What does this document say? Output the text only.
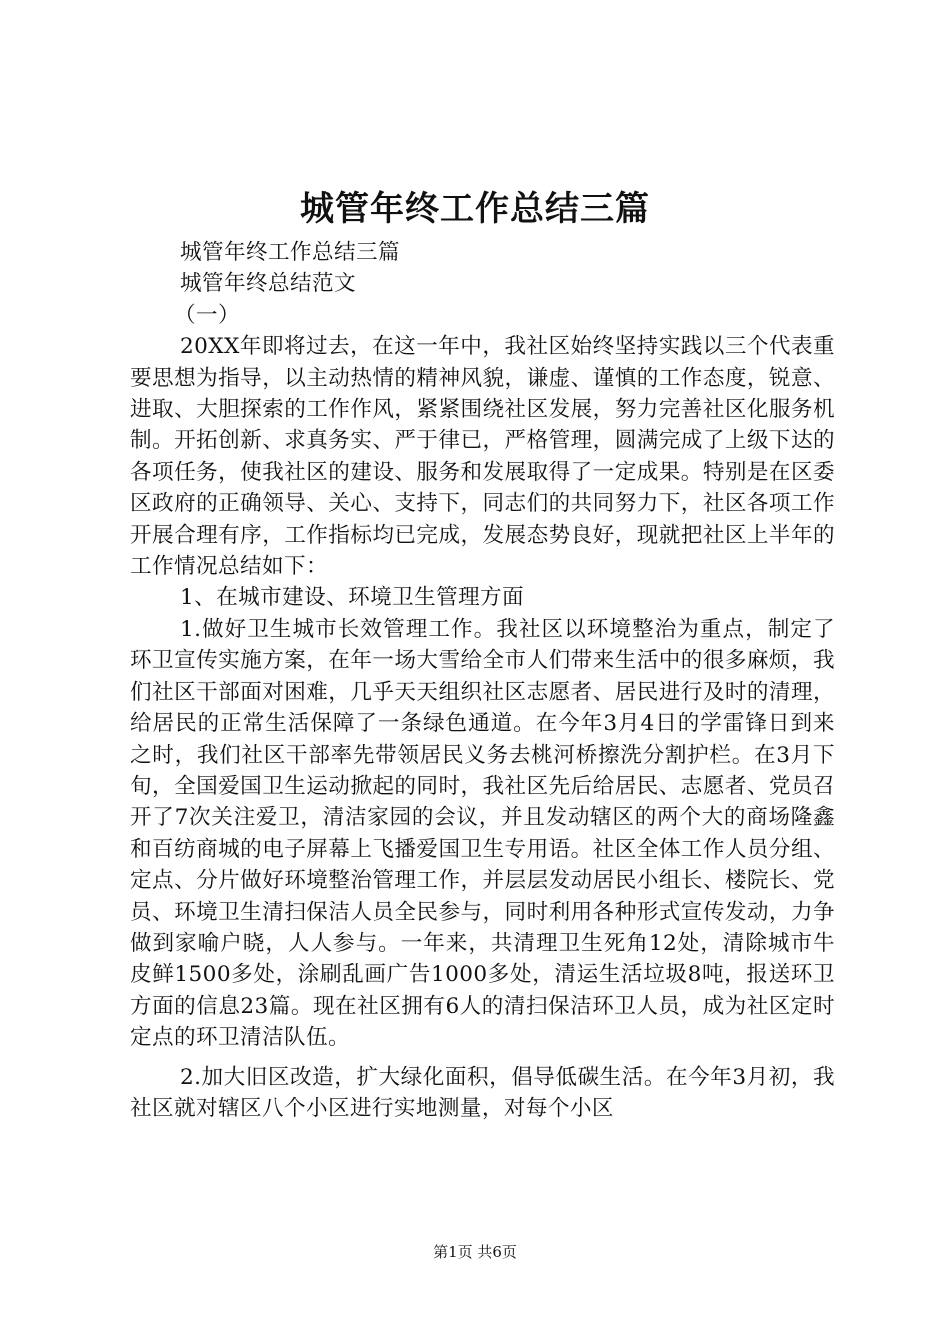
城管年终工作总结三篇

城管年终工作总结三篇

城管年终总结范文

（一）

20XX年即将过去，在这一年中，我社区始终坚持实践以三个代表重要思想为指导，以主动热情的精神风貌，谦虚、谨慎的工作态度，锐意、进取、大胆探索的工作作风，紧紧围绕社区发展，努力完善社区化服务机制。开拓创新、求真务实、严于律已，严格管理，圆满完成了上级下达的各项任务，使我社区的建设、服务和发展取得了一定成果。特别是在区委区政府的正确领导、关心、支持下，同志们的共同努力下，社区各项工作开展合理有序，工作指标均已完成，发展态势良好，现就把社区上半年的工作情况总结如下：

1、在城市建设、环境卫生管理方面

1.做好卫生城市长效管理工作。我社区以环境整治为重点，制定了环卫宣传实施方案，在年一场大雪给全市人们带来生活中的很多麻烦，我们社区干部面对困难，几乎天天组织社区志愿者、居民进行及时的清理，给居民的正常生活保障了一条绿色通道。在今年3月4日的学雷锋日到来之时，我们社区干部率先带领居民义务去桃河桥擦洗分割护栏。在3月下旬，全国爱国卫生运动掀起的同时，我社区先后给居民、志愿者、党员召开了7次关注爱卫，清洁家园的会议，并且发动辖区的两个大的商场隆鑫和百纺商城的电子屏幕上飞播爱国卫生专用语。社区全体工作人员分组、定点、分片做好环境整治管理工作，并层层发动居民小组长、楼院长、党员、环境卫生清扫保洁人员全民参与，同时利用各种形式宣传发动，力争做到家喻户晓，人人参与。一年来，共清理卫生死角12处，清除城市牛皮鲜1500多处，涂刷乱画广告1000多处，清运生活垃圾8吨，报送环卫方面的信息23篇。现在社区拥有6人的清扫保洁环卫人员，成为社区定时定点的环卫清洁队伍。

2.加大旧区改造，扩大绿化面积，倡导低碳生活。在今年3月初，我社区就对辖区八个小区进行实地测量，对每个小区

第1页 共6页
